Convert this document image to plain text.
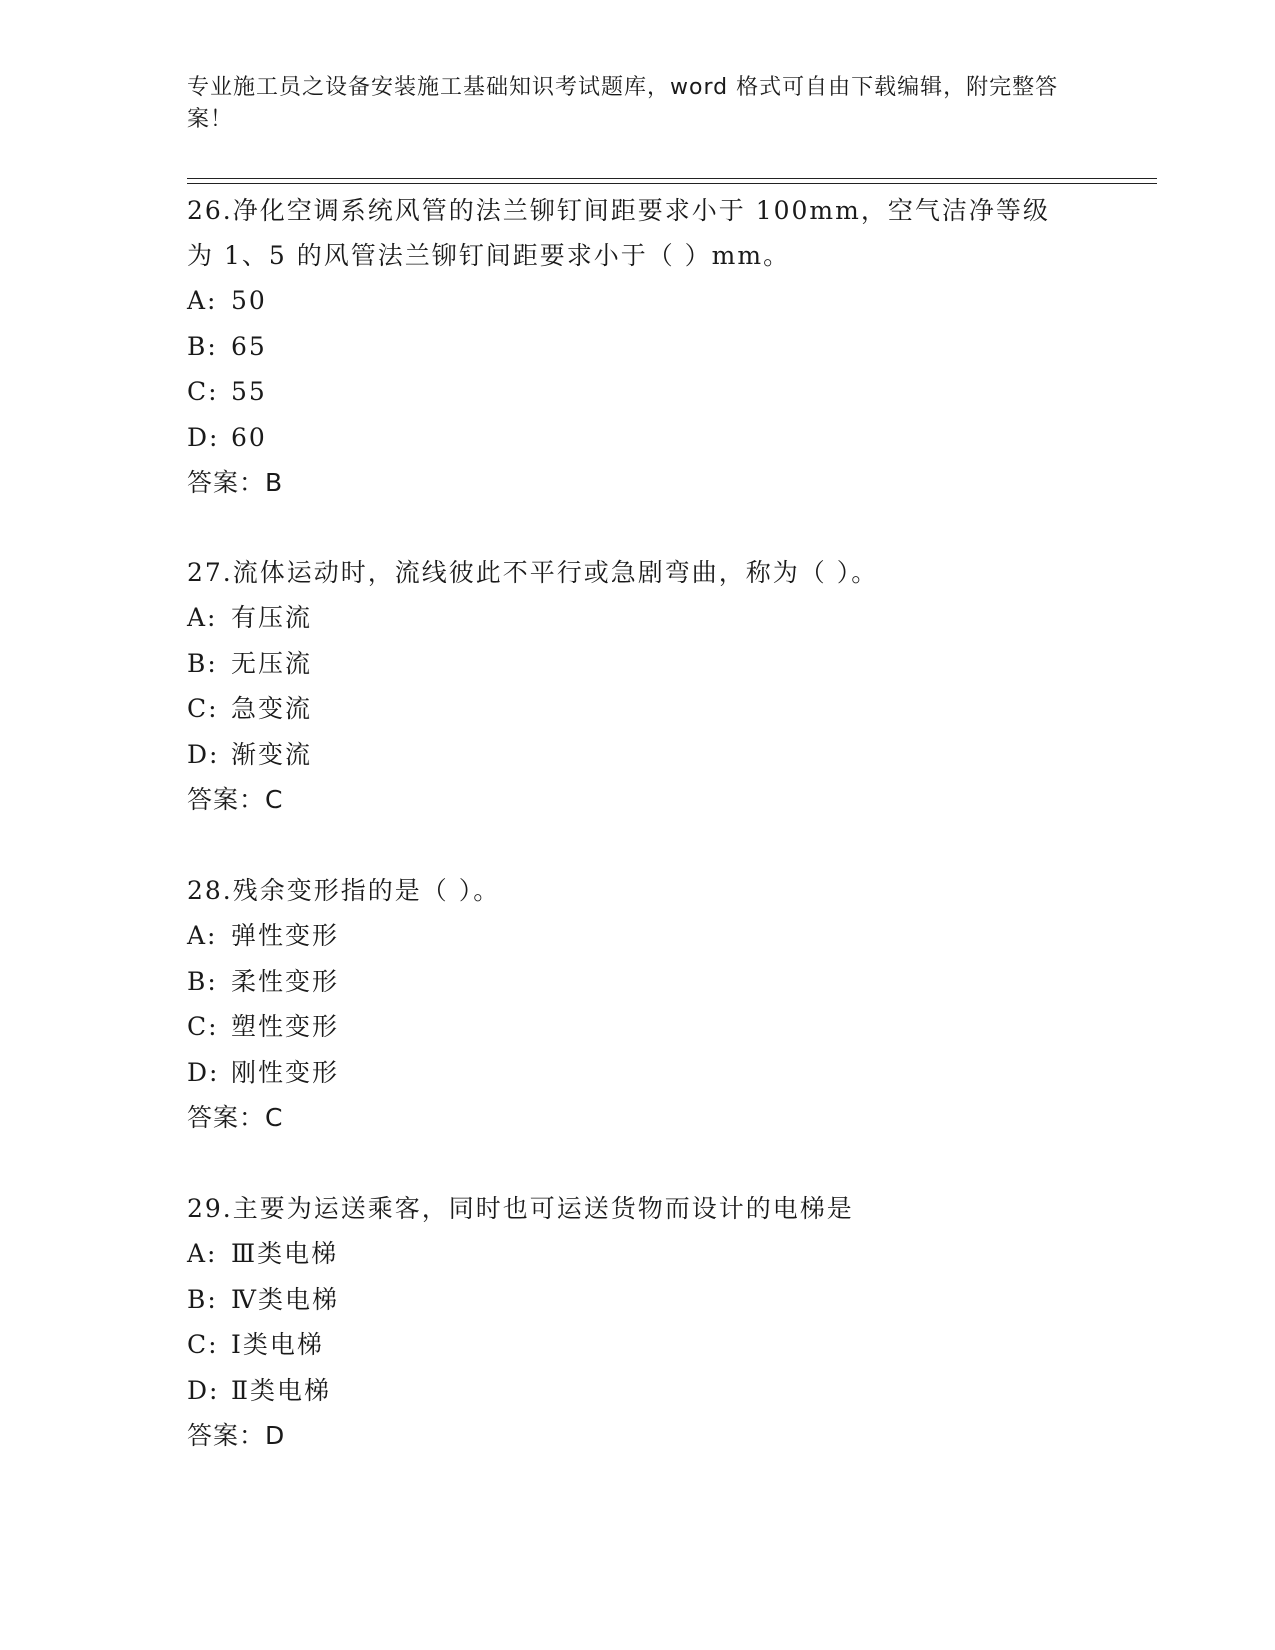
专业施工员之设备安装施工基础知识考试题库，word 格式可自由下载编辑，附完整答案！

26.净化空调系统风管的法兰铆钉间距要求小于 100mm，空气洁净等级为 1、5 的风管法兰铆钉间距要求小于（ ）mm。

A: 50

B: 65

C: 55

D: 60

答案：B

27.流体运动时，流线彼此不平行或急剧弯曲，称为（ ）。

A: 有压流

B: 无压流

C: 急变流

D: 渐变流

答案：C

28.残余变形指的是（ ）。

A: 弹性变形

B: 柔性变形

C: 塑性变形

D: 刚性变形

答案：C

29.主要为运送乘客，同时也可运送货物而设计的电梯是

A: Ⅲ类电梯

B: Ⅳ类电梯

C: Ⅰ类电梯

D: Ⅱ类电梯

答案：D
